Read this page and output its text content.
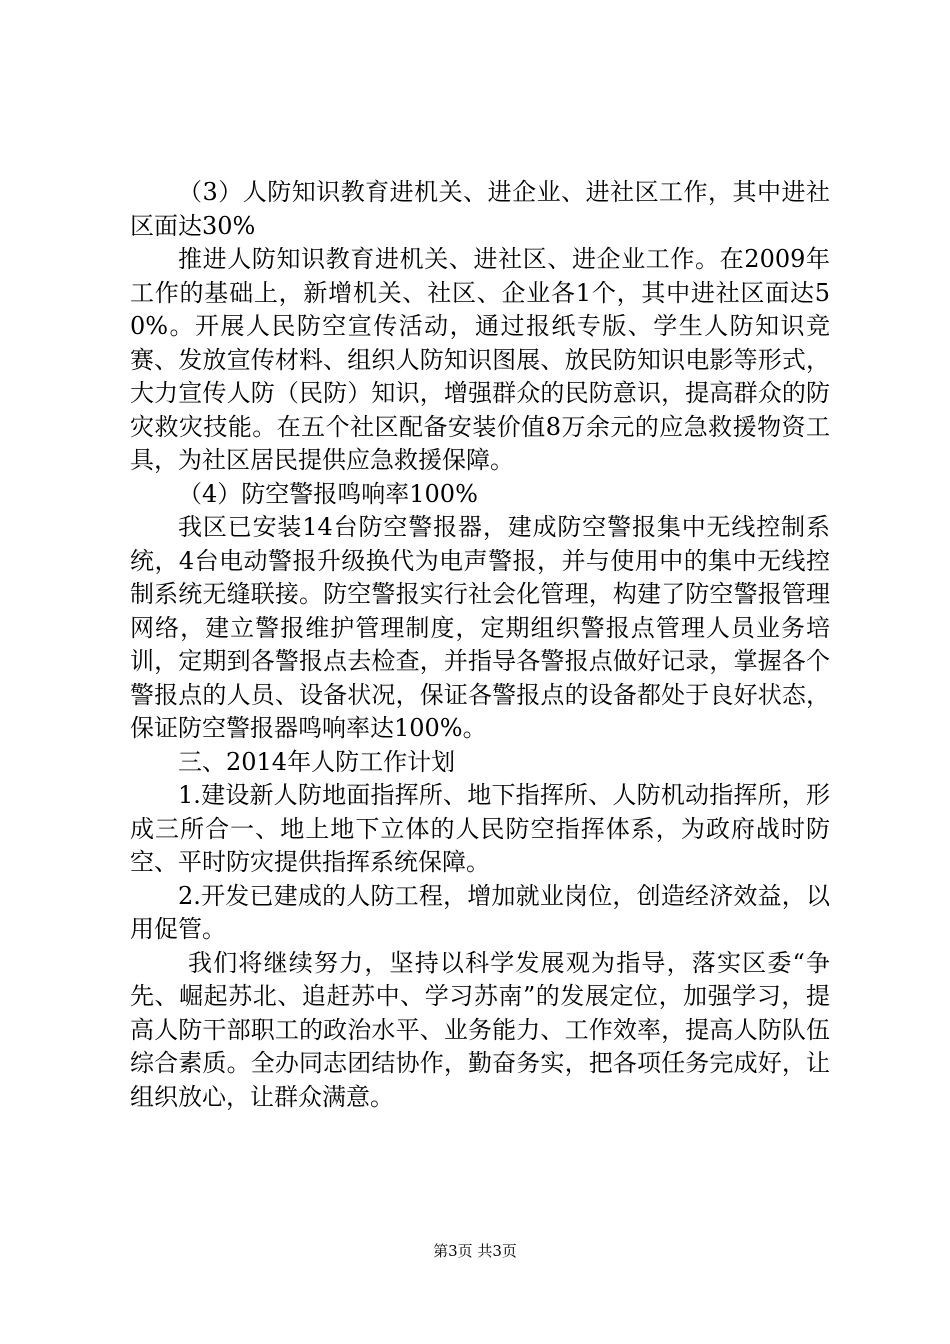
（3）人防知识教育进机关、进企业、进社区工作，其中进社区面达30%

推进人防知识教育进机关、进社区、进企业工作。在2009年工作的基础上，新增机关、社区、企业各1个，其中进社区面达50%。开展人民防空宣传活动，通过报纸专版、学生人防知识竞赛、发放宣传材料、组织人防知识图展、放民防知识电影等形式，大力宣传人防（民防）知识，增强群众的民防意识，提高群众的防灾救灾技能。在五个社区配备安装价值8万余元的应急救援物资工具，为社区居民提供应急救援保障。

（4）防空警报鸣响率100%

我区已安装14台防空警报器，建成防空警报集中无线控制系统，4台电动警报升级换代为电声警报，并与使用中的集中无线控制系统无缝联接。防空警报实行社会化管理，构建了防空警报管理网络，建立警报维护管理制度，定期组织警报点管理人员业务培训，定期到各警报点去检查，并指导各警报点做好记录，掌握各个警报点的人员、设备状况，保证各警报点的设备都处于良好状态，保证防空警报器鸣响率达100%。

三、2014年人防工作计划

1.建设新人防地面指挥所、地下指挥所、人防机动指挥所，形成三所合一、地上地下立体的人民防空指挥体系，为政府战时防空、平时防灾提供指挥系统保障。

2.开发已建成的人防工程，增加就业岗位，创造经济效益，以用促管。

我们将继续努力，坚持以科学发展观为指导，落实区委“争先、崛起苏北、追赶苏中、学习苏南”的发展定位，加强学习，提高人防干部职工的政治水平、业务能力、工作效率，提高人防队伍综合素质。全办同志团结协作，勤奋务实，把各项任务完成好，让组织放心，让群众满意。

第3页 共3页
